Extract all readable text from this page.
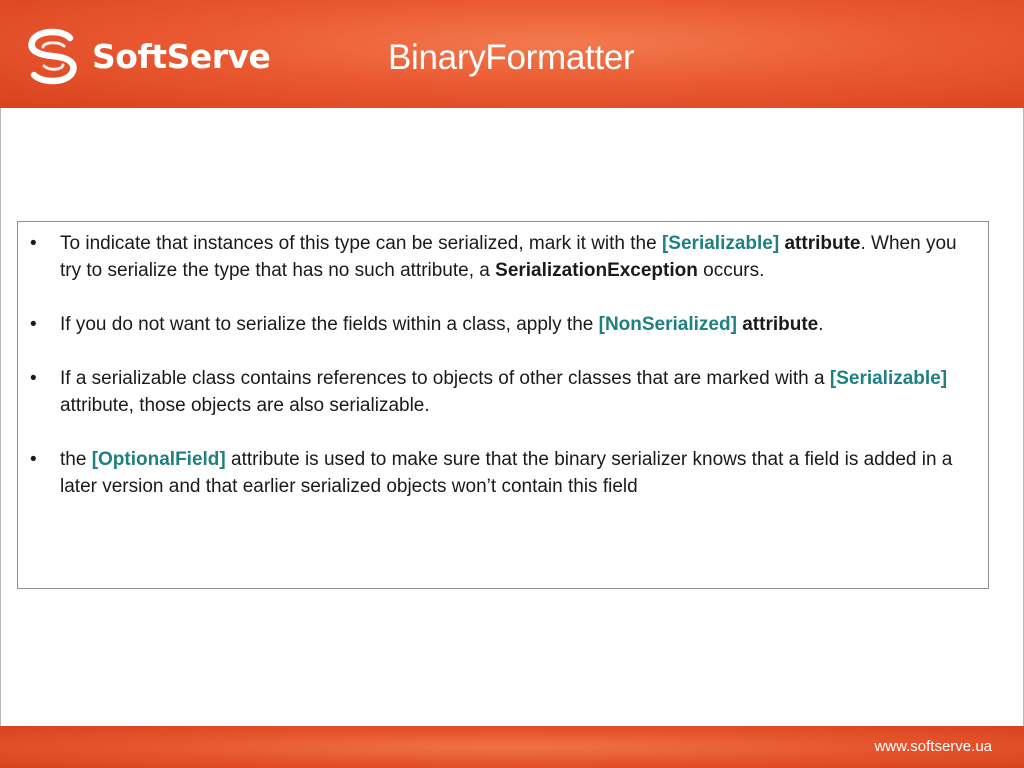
SoftServe	BinaryFormatter
• To indicate that instances of this type can be serialized, mark it with the [Serializable] attribute. When you try to serialize the type that has no such attribute, a SerializationException occurs.
• If you do not want to serialize the fields within a class, apply the [NonSerialized] attribute.
• If a serializable class contains references to objects of other classes that are marked with a [Serializable] attribute, those objects are also serializable.
• the [OptionalField] attribute is used to make sure that the binary serializer knows that a field is added in a later version and that earlier serialized objects won’t contain this field
www.softserve.ua
